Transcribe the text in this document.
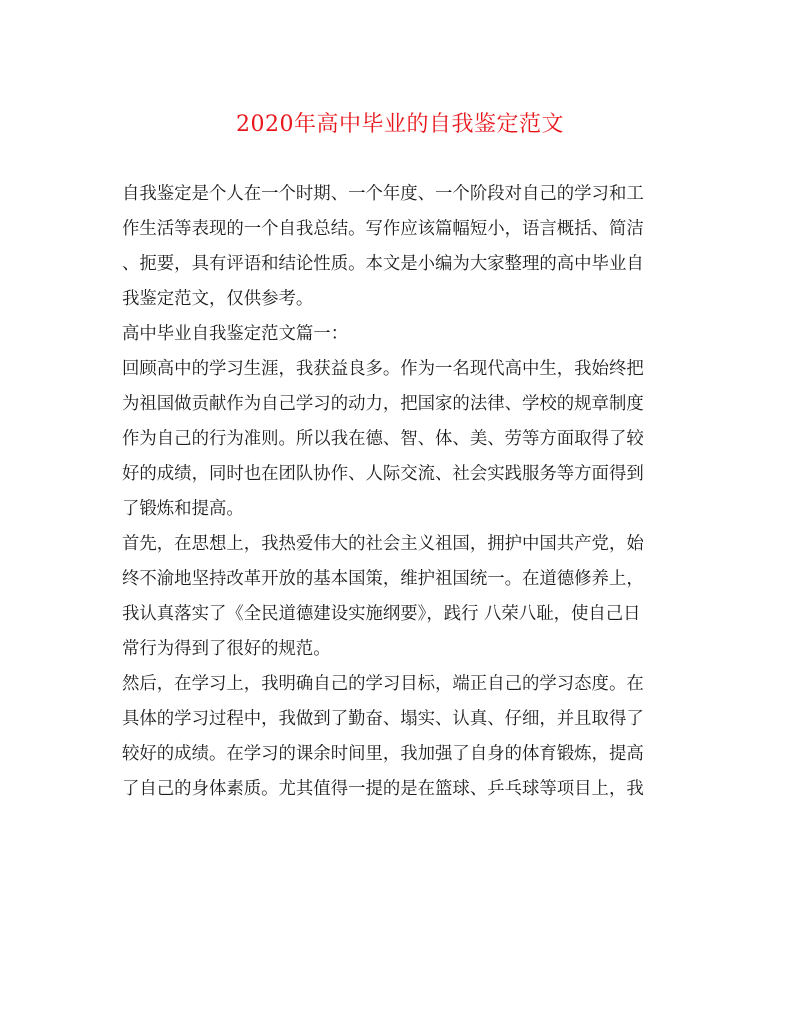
2020年高中毕业的自我鉴定范文
自我鉴定是个人在一个时期、一个年度、一个阶段对自己的学习和工
作生活等表现的一个自我总结。写作应该篇幅短小，语言概括、简洁
、扼要，具有评语和结论性质。本文是小编为大家整理的高中毕业自
我鉴定范文，仅供参考。
高中毕业自我鉴定范文篇一：
回顾高中的学习生涯，我获益良多。作为一名现代高中生，我始终把
为祖国做贡献作为自己学习的动力，把国家的法律、学校的规章制度
作为自己的行为准则。所以我在德、智、体、美、劳等方面取得了较
好的成绩，同时也在团队协作、人际交流、社会实践服务等方面得到
了锻炼和提高。
首先，在思想上，我热爱伟大的社会主义祖国，拥护中国共产党，始
终不渝地坚持改革开放的基本国策，维护祖国统一。在道德修养上，
我认真落实了《全民道德建设实施纲要》，践行 八荣八耻，使自己日
常行为得到了很好的规范。
然后，在学习上，我明确自己的学习目标，端正自己的学习态度。在
具体的学习过程中，我做到了勤奋、塌实、认真、仔细，并且取得了
较好的成绩。在学习的课余时间里，我加强了自身的体育锻炼，提高
了自己的身体素质。尤其值得一提的是在篮球、乒乓球等项目上，我
